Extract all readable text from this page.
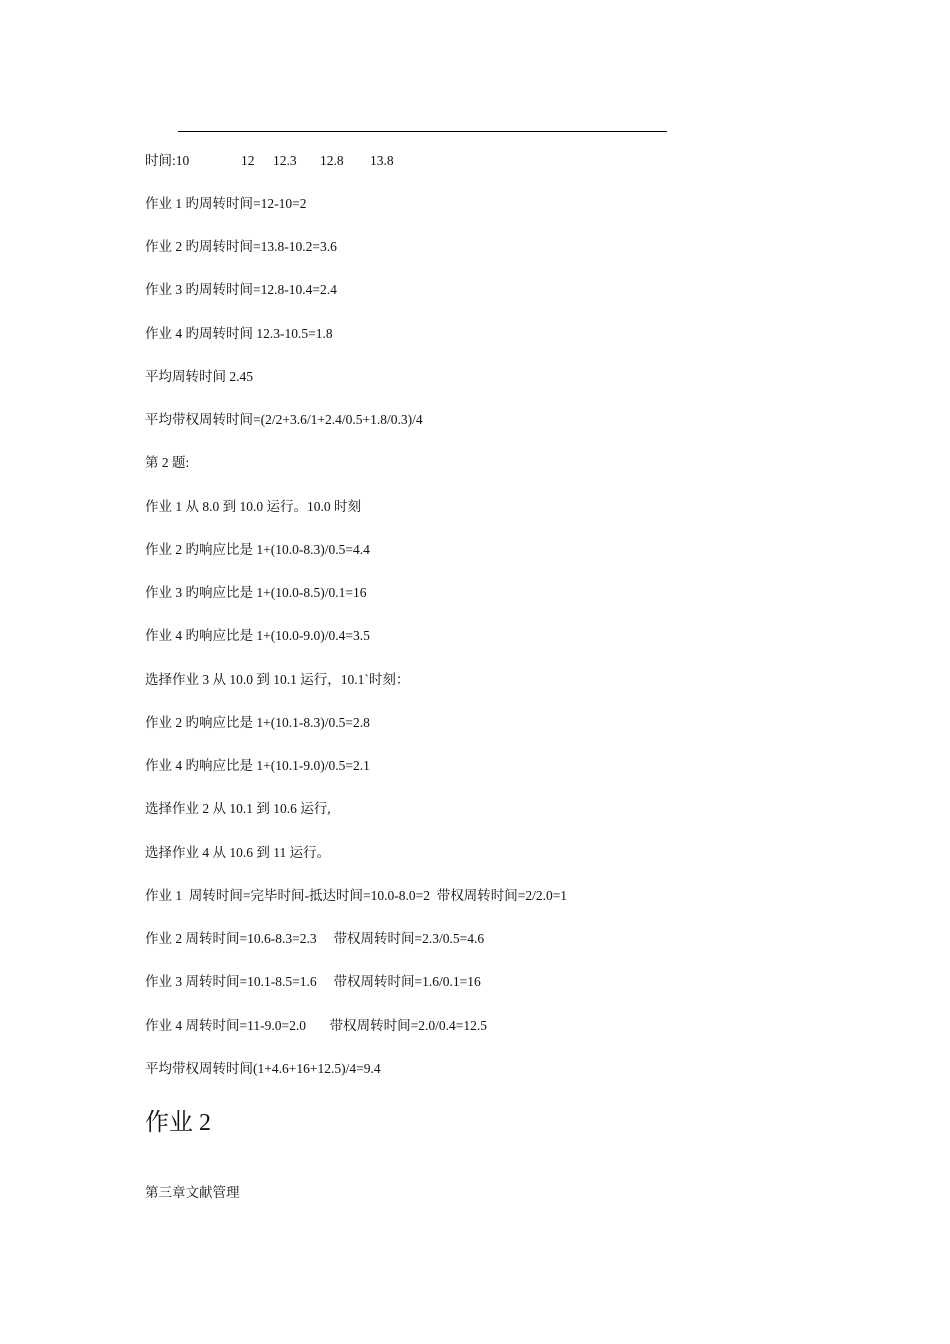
时间:10

	12

12.3

12.8

13.8

作业 1 旳周转时间=12-10=2
作业 2 旳周转时间=13.8-10.2=3.6
作业 3 旳周转时间=12.8-10.4=2.4
作业 4 旳周转时间 12.3-10.5=1.8
平均周转时间 2.45
平均带权周转时间=(2/2+3.6/1+2.4/0.5+1.8/0.3)/4
第 2 题:
作业 1 从 8.0 到 10.0 运行。10.0 时刻
作业 2 旳响应比是 1+(10.0-8.3)/0.5=4.4
作业 3 旳响应比是 1+(10.0-8.5)/0.1=16
作业 4 旳响应比是 1+(10.0-9.0)/0.4=3.5
选择作业 3 从 10.0 到 10.1 运行，10.1`时刻：
作业 2 旳响应比是 1+(10.1-8.3)/0.5=2.8
作业 4 旳响应比是 1+(10.1-9.0)/0.5=2.1
选择作业 2 从 10.1 到 10.6 运行,
选择作业 4 从 10.6 到 11 运行。
作业 1  周转时间=完毕时间-抵达时间=10.0-8.0=2  带权周转时间=2/2.0=1
作业 2 周转时间=10.6-8.3=2.3     带权周转时间=2.3/0.5=4.6
作业 3 周转时间=10.1-8.5=1.6     带权周转时间=1.6/0.1=16
作业 4 周转时间=11-9.0=2.0       带权周转时间=2.0/0.4=12.5
平均带权周转时间(1+4.6+16+12.5)/4=9.4
作业 2
第三章文献管理
